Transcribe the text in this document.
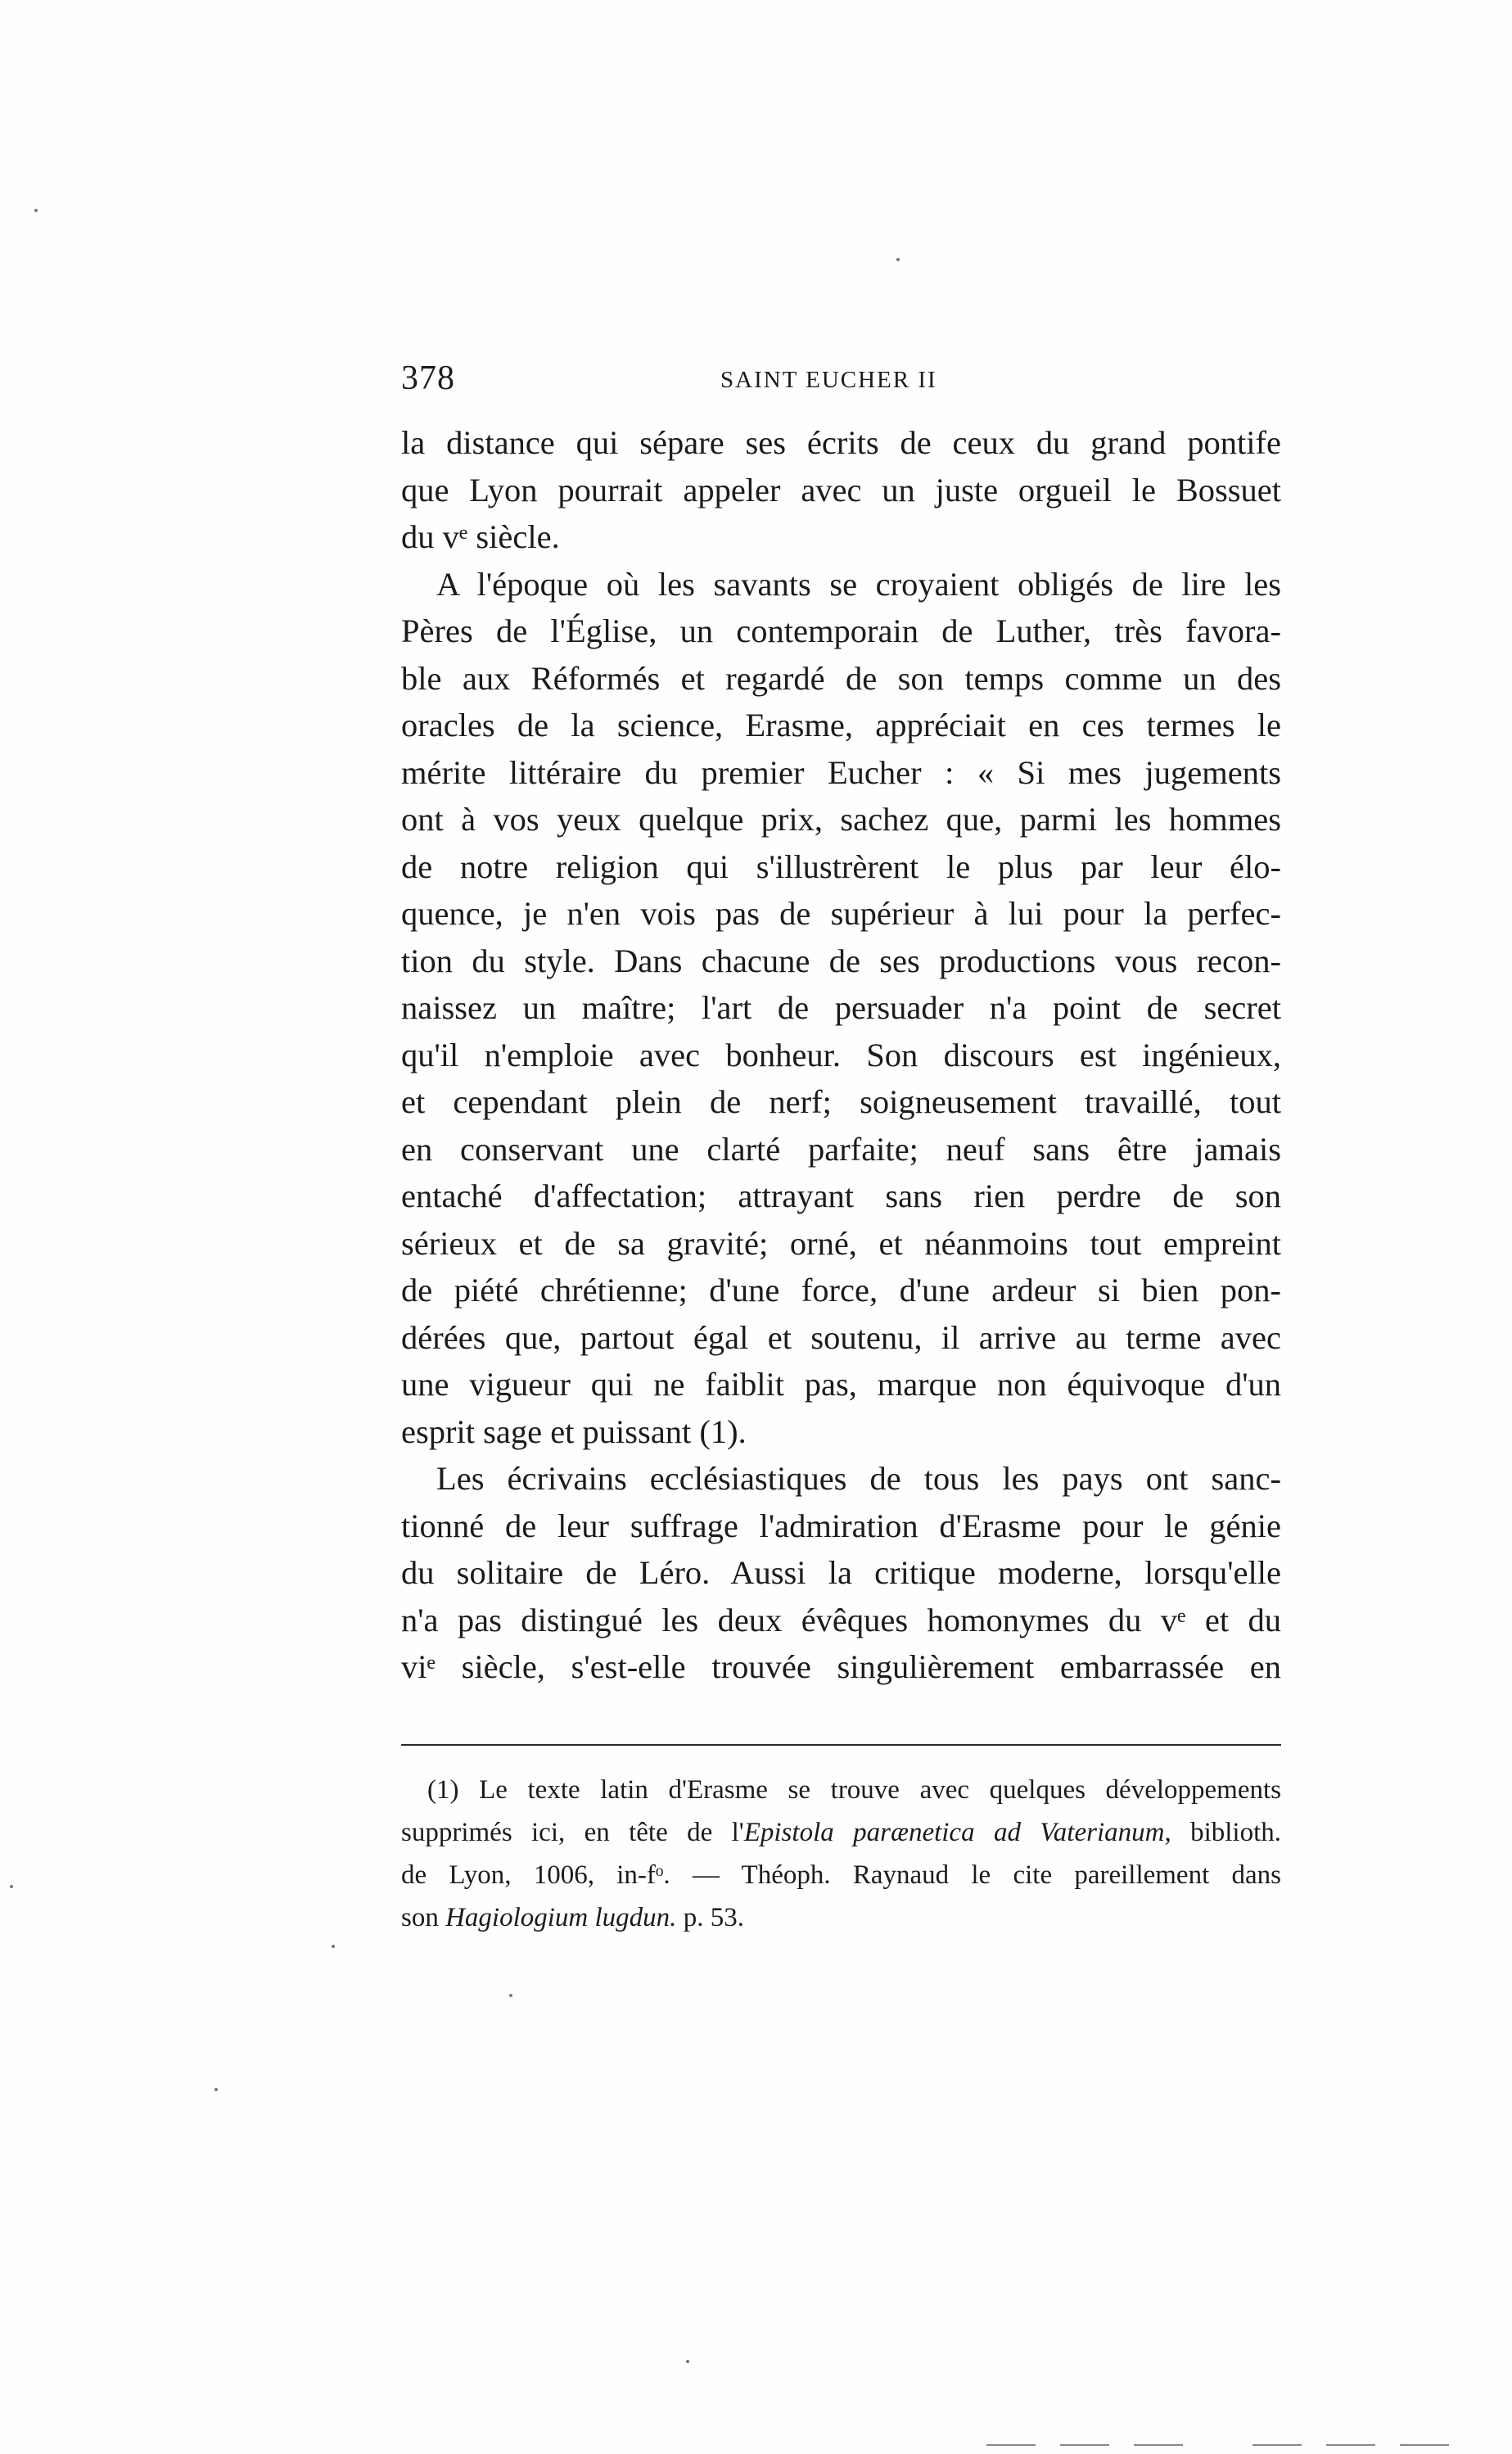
378	SAINT EUCHER II
la distance qui sépare ses écrits de ceux du grand pontife
que Lyon pourrait appeler avec un juste orgueil le Bossuet
du vᵉ siècle.
A l'époque où les savants se croyaient obligés de lire les
Pères de l'Église, un contemporain de Luther, très favora-
ble aux Réformés et regardé de son temps comme un des
oracles de la science, Erasme, appréciait en ces termes le
mérite littéraire du premier Eucher : « Si mes jugements
ont à vos yeux quelque prix, sachez que, parmi les hommes
de notre religion qui s'illustrèrent le plus par leur élo-
quence, je n'en vois pas de supérieur à lui pour la perfec-
tion du style. Dans chacune de ses productions vous recon-
naissez un maître; l'art de persuader n'a point de secret
qu'il n'emploie avec bonheur. Son discours est ingénieux,
et cependant plein de nerf; soigneusement travaillé, tout
en conservant une clarté parfaite; neuf sans être jamais
entaché d'affectation; attrayant sans rien perdre de son
sérieux et de sa gravité; orné, et néanmoins tout empreint
de piété chrétienne; d'une force, d'une ardeur si bien pon-
dérées que, partout égal et soutenu, il arrive au terme avec
une vigueur qui ne faiblit pas, marque non équivoque d'un
esprit sage et puissant (1).
Les écrivains ecclésiastiques de tous les pays ont sanc-
tionné de leur suffrage l'admiration d'Erasme pour le génie
du solitaire de Léro. Aussi la critique moderne, lorsqu'elle
n'a pas distingué les deux évêques homonymes du vᵉ et du
viᵉ siècle, s'est-elle trouvée singulièrement embarrassée en
(1) Le texte latin d'Erasme se trouve avec quelques développements
supprimés ici, en tête de l'Epistola parænetica ad Vaterianum, biblioth.
de Lyon, 1006, in-fᵒ. — Théoph. Raynaud le cite pareillement dans
son Hagiologium lugdun. p. 53.
